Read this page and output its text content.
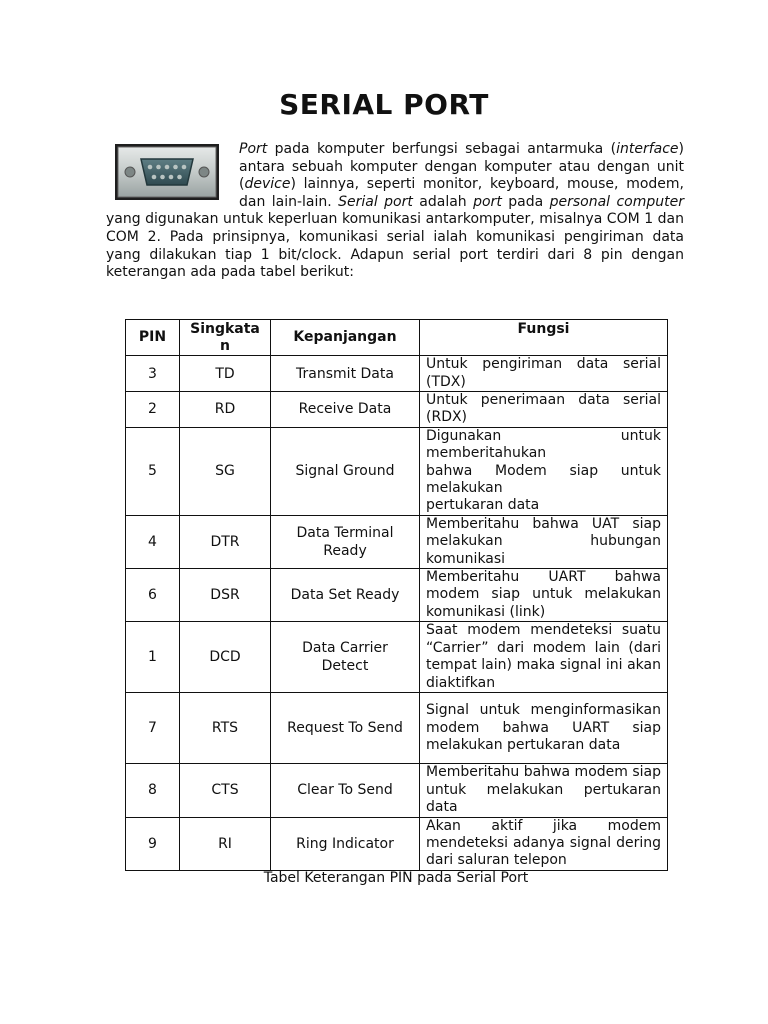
SERIAL PORT
Port pada komputer berfungsi sebagai antarmuka (interface) antara sebuah komputer dengan komputer atau dengan unit (device) lainnya, seperti monitor, keyboard, mouse, modem, dan lain-lain. Serial port adalah port pada personal computer yang digunakan untuk keperluan komunikasi antarkomputer, misalnya COM 1 dan COM 2. Pada prinsipnya, komunikasi serial ialah komunikasi pengiriman data yang dilakukan tiap 1 bit/clock. Adapun serial port terdiri dari 8 pin dengan keterangan ada pada tabel berikut:
PIN	Singkatan	Kepanjangan	Fungsi
3	TD	Transmit Data	Untuk pengiriman data serial (TDX)

2	RD	Receive Data	Untuk penerimaan data serial (RDX)

5	SG	Signal Ground	Digunakan untuk memberitahukan
bahwa Modem siap untuk melakukan
pertukaran data

4	DTR	Data Terminal Ready	Memberitahu bahwa UAT siap melakukan hubungan komunikasi

6	DSR	Data Set Ready	Memberitahu UART bahwa modem siap untuk melakukan komunikasi (link)

1	DCD	Data Carrier Detect	Saat modem mendeteksi suatu “Carrier” dari modem lain (dari tempat lain) maka signal ini akan diaktifkan

7	RTS	Request To Send	Signal untuk menginformasikan modem bahwa UART siap melakukan pertukaran data

8	CTS	Clear To Send	Memberitahu bahwa modem siap untuk melakukan pertukaran data

9	RI	Ring Indicator	Akan aktif jika modem mendeteksi adanya signal dering dari saluran telepon
Tabel Keterangan PIN pada Serial Port
